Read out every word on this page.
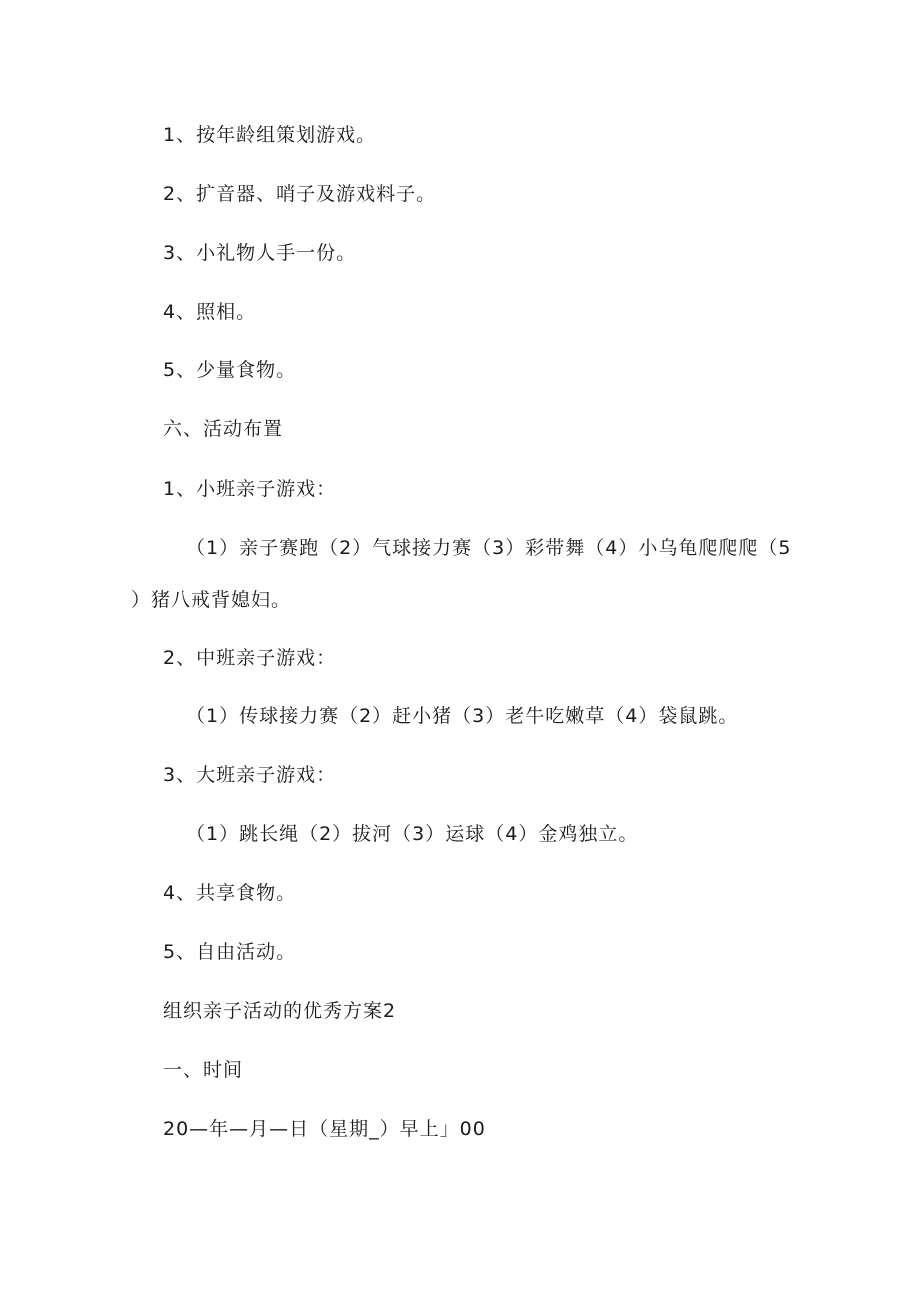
1、按年龄组策划游戏。
2、扩音器、哨子及游戏料子。
3、小礼物人手一份。
4、照相。
5、少量食物。
六、活动布置
1、小班亲子游戏：
（1）亲子赛跑（2）气球接力赛（3）彩带舞（4）小乌龟爬爬爬（5
）猪八戒背媳妇。
2、中班亲子游戏：
（1）传球接力赛（2）赶小猪（3）老牛吃嫩草（4）袋鼠跳。
3、大班亲子游戏：
（1）跳长绳（2）拔河（3）运球（4）金鸡独立。
4、共享食物。
5、自由活动。
组织亲子活动的优秀方案2
一、时间
20—年—月—日（星期_）早上」00
